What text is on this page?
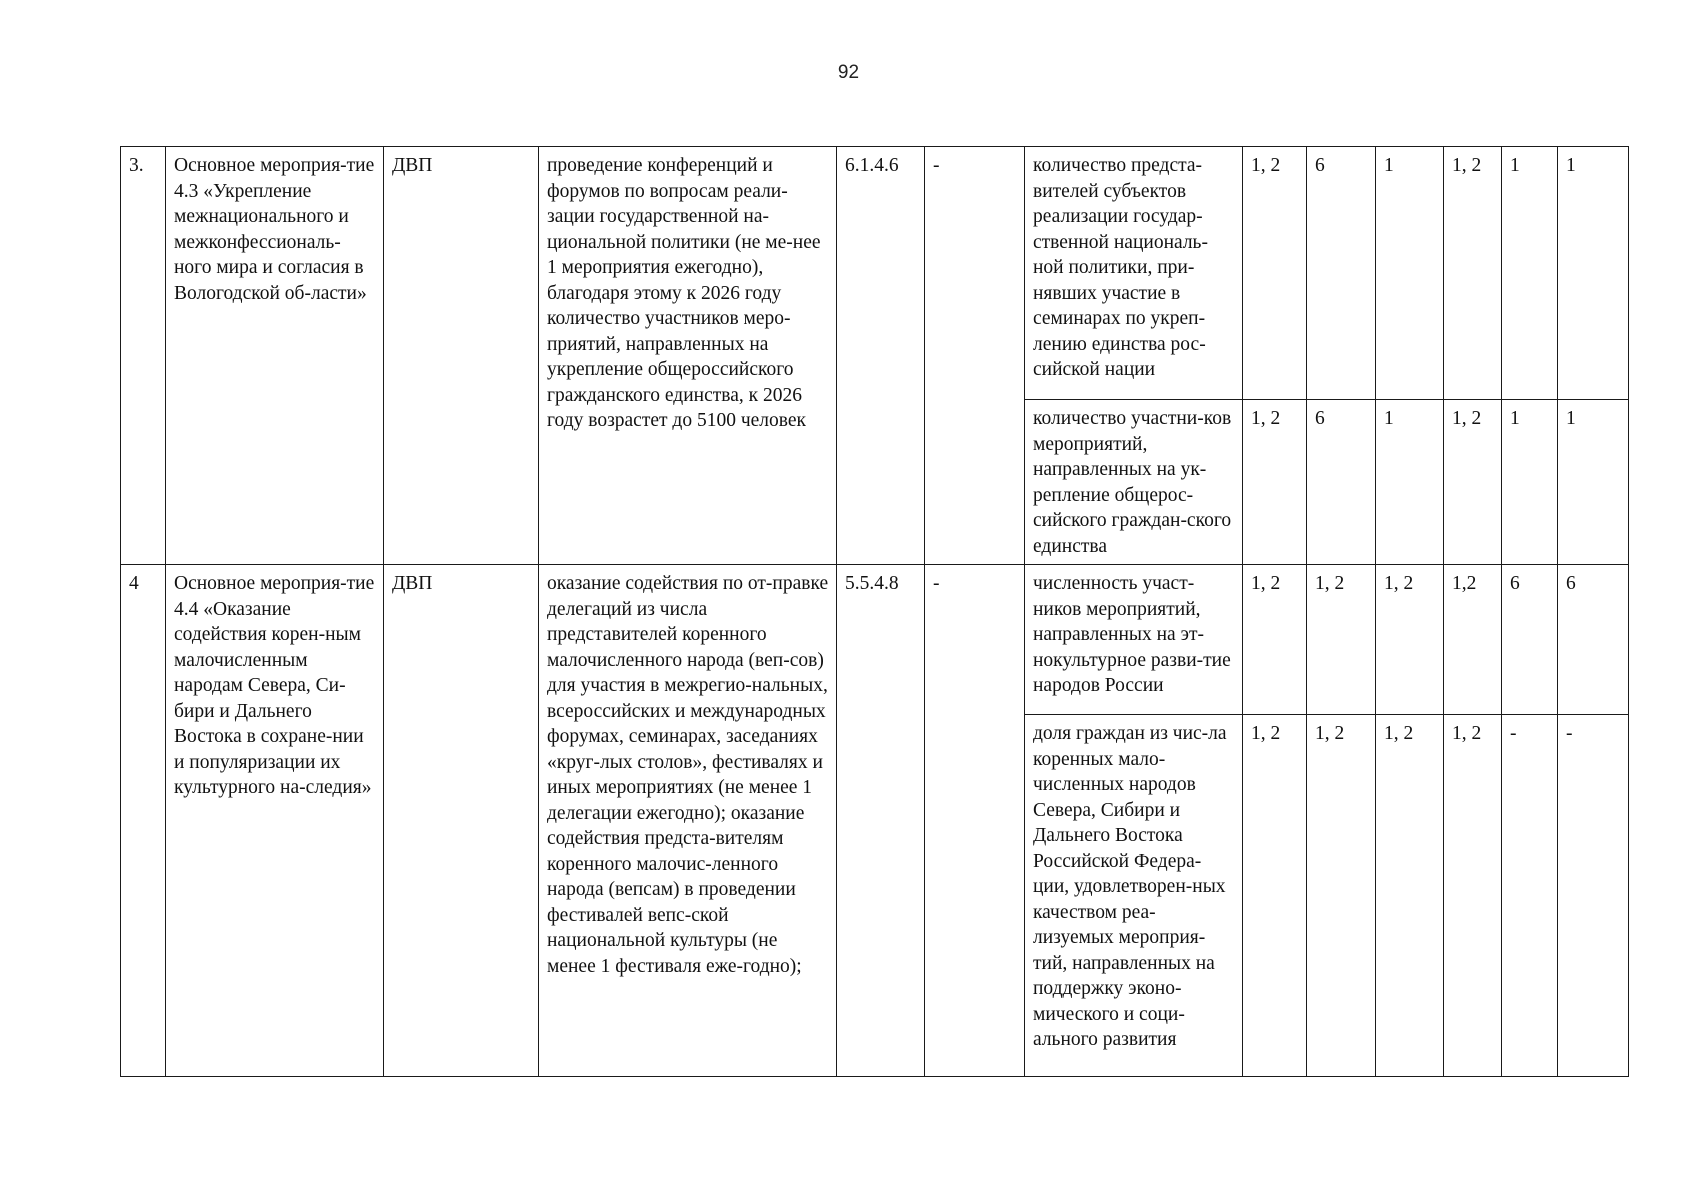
92
3.	Основное мероприя-тие 4.3 «Укрепление межнационального и межконфессиональ-ного мира и согласия в Вологодской об-ласти»	ДВП	проведение конференций и форумов по вопросам реали-зации государственной на-циональной политики (не ме-нее 1 мероприятия ежегодно), благодаря этому к 2026 году количество участников меро-приятий, направленных на укрепление общероссийского гражданского единства, к 2026 году возрастет до 5100 человек	6.1.4.6	-	количество предста-вителей субъектов реализации государ-ственной националь-ной политики, при-нявших участие в семинарах по укреп-лению единства рос-сийской нации	1, 2	6	1	1, 2	1	1
						количество участни-ков мероприятий, направленных на ук-репление общерос-сийского граждан-ского единства	1, 2	6	1	1, 2	1	1
4	Основное мероприя-тие 4.4 «Оказание содействия корен-ным малочисленным народам Севера, Си-бири и Дальнего Востока в сохране-нии и популяризации их культурного на-следия»	ДВП	оказание содействия по от-правке делегаций из числа представителей коренного малочисленного народа (веп-сов) для участия в межрегио-нальных, всероссийских и международных форумах, семинарах, заседаниях «круг-лых столов», фестивалях и иных мероприятиях (не менее 1 делегации ежегодно); оказание содействия предста-вителям коренного малочис-ленного народа (вепсам) в проведении фестивалей вепс-ской национальной культуры (не менее 1 фестиваля еже-годно);	5.5.4.8	-	численность участ-ников мероприятий, направленных на эт-нокультурное разви-тие народов России	1, 2	1, 2	1, 2	1,2	6	6
						доля граждан из чис-ла коренных мало-численных народов Севера, Сибири и Дальнего Востока Российской Федера-ции, удовлетворен-ных качеством реа-лизуемых мероприя-тий, направленных на поддержку эконо-мического и соци-ального развития	1, 2	1, 2	1, 2	1, 2	-	-
